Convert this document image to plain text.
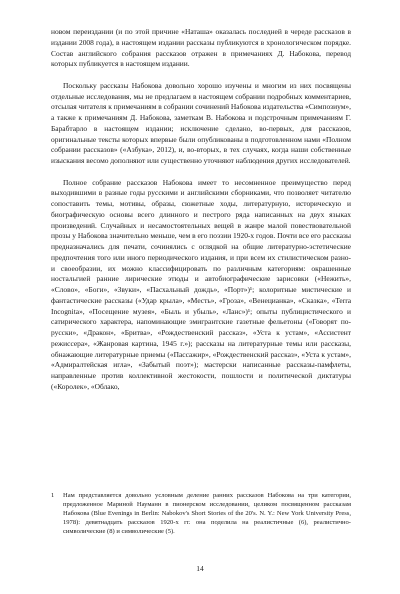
новом переиздании (и по этой причине «Наташа» оказалась последней в череде рассказов в издании 2008 года), в настоящем издании рассказы публикуются в хронологическом порядке. Состав английского собрания рассказов отражен в примечаниях Д. Набокова, перевод которых публикуется в настоящем издании.

Поскольку рассказы Набокова довольно хорошо изучены и многим из них посвящены отдельные исследования, мы не предлагаем в настоящем собрании подробных комментариев, отсылая читателя к примечаниям в собрании сочинений Набокова издательства «Симпозиум», а также к примечаниям Д. Набокова, заметкам В. Набокова и подстрочным примечаниям Г. Барабтарло в настоящем издании; исключение сделано, во-первых, для рассказов, оригинальные тексты которых впервые были опубликованы в подготовленном нами «Полном собрании рассказов» («Азбука», 2012), и, во-вторых, в тех случаях, когда наши собственные изыскания весомо дополняют или существенно уточняют наблюдения других исследователей.

Полное собрание рассказов Набокова имеет то несомненное преимущество перед выходившими в разные годы русскими и английскими сборниками, что позволяет читателю сопоставить темы, мотивы, образы, сюжетные ходы, литературную, историческую и биографическую основы всего длинного и пестрого ряда написанных на двух языках произведений. Случайных и несамостоятельных вещей в жанре малой повествовательной прозы у Набокова значительно меньше, чем в его поэзии 1920-х годов. Почти все его рассказы предназначались для печати, сочинялись с оглядкой на общие литературно-эстетические предпочтения того или иного периодического издания, и при всем их стилистическом разно- и своеобразии, их можно классифицировать по различным категориям: окрашенные ностальгией ранние лирические этюды и автобиографические зарисовки («Нежить», «Слово», «Боги», «Звуки», «Пасхальный дождь», «Порт»)¹; колоритные мистические и фантастические рассказы («Удар крыла», «Месть», «Гроза», «Венецианка», «Сказка», «Terra Incognita», «Посещение музея», «Быль и убыль», «Ланс»)¹; опыты публицистического и сатирического характера, напоминающие эмигрантские газетные фельетоны («Говорят по-русски», «Дракон», «Бритва», «Рождественский рассказ», «Уста к устам», «Ассистент режиссера», «Жанровая картина, 1945 г.»); рассказы на литературные темы или рассказы, обнажающие литературные приемы («Пассажир», «Рождественский рассказ», «Уста к устам», «Адмиралтейская игла», «Забытый поэт»); мастерски написанные рассказы-памфлеты, направленные против коллективной жестокости, пошлости и политической диктатуры («Королек», «Облако,

1 Нам представляется довольно условным деление ранних рассказов Набокова на три категории, предложенное Мариной Науманн в пионерском исследовании, целиком посвященном рассказам Набокова (Blue Evenings in Berlin: Nabokov's Short Stories of the 20's. N. Y.: New York University Press, 1978): девятнадцать рассказов 1920-х гг. она поделила на реалистичные (6), реалистично-символические (8) и символические (5).
14
